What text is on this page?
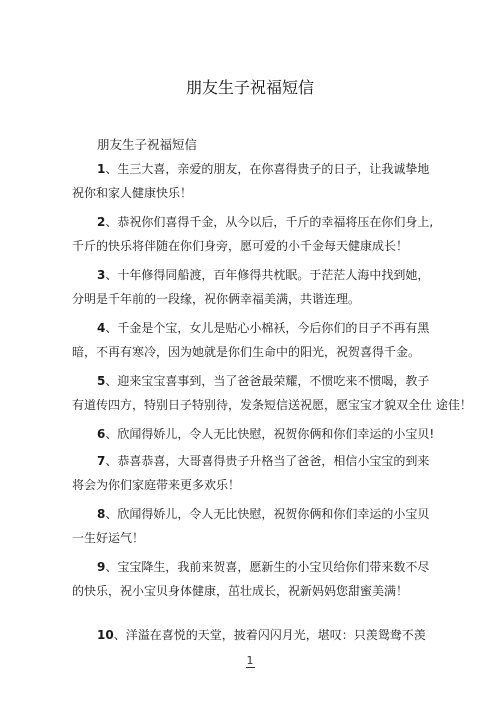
朋友生子祝福短信
朋友生子祝福短信
1、生三大喜，亲爱的朋友，在你喜得贵子的日子，让我诚挚地
祝你和家人健康快乐！
2、恭祝你们喜得千金，从今以后，千斤的幸福将压在你们身上,
千斤的快乐将伴随在你们身旁，愿可爱的小千金每天健康成长！
3、十年修得同船渡，百年修得共枕眠。于茫茫人海中找到她，
分明是千年前的一段缘，祝你俩幸福美满，共谐连理。
4、千金是个宝，女儿是贴心小棉袄，今后你们的日子不再有黑
暗，不再有寒冷，因为她就是你们生命中的阳光，祝贺喜得千金。
5、迎来宝宝喜事到，当了爸爸最荣耀，不惯吃来不惯喝，教子
有道传四方，特别日子特别待，发条短信送祝愿，愿宝宝才貌双全仕 途佳！
6、欣闻得娇儿，令人无比快慰，祝贺你俩和你们幸运的小宝贝!
7、恭喜恭喜，大哥喜得贵子升格当了爸爸，相信小宝宝的到来
将会为你们家庭带来更多欢乐！
8、欣闻得娇儿，令人无比快慰，祝贺你俩和你们幸运的小宝贝
一生好运气！
9、宝宝降生，我前来贺喜，愿新生的小宝贝给你们带来数不尽
的快乐，祝小宝贝身体健康，茁壮成长，祝新妈妈您甜蜜美满！
10、洋溢在喜悦的天堂，披着闪闪月光，堪叹：只羡鸳鸯不羡
1
